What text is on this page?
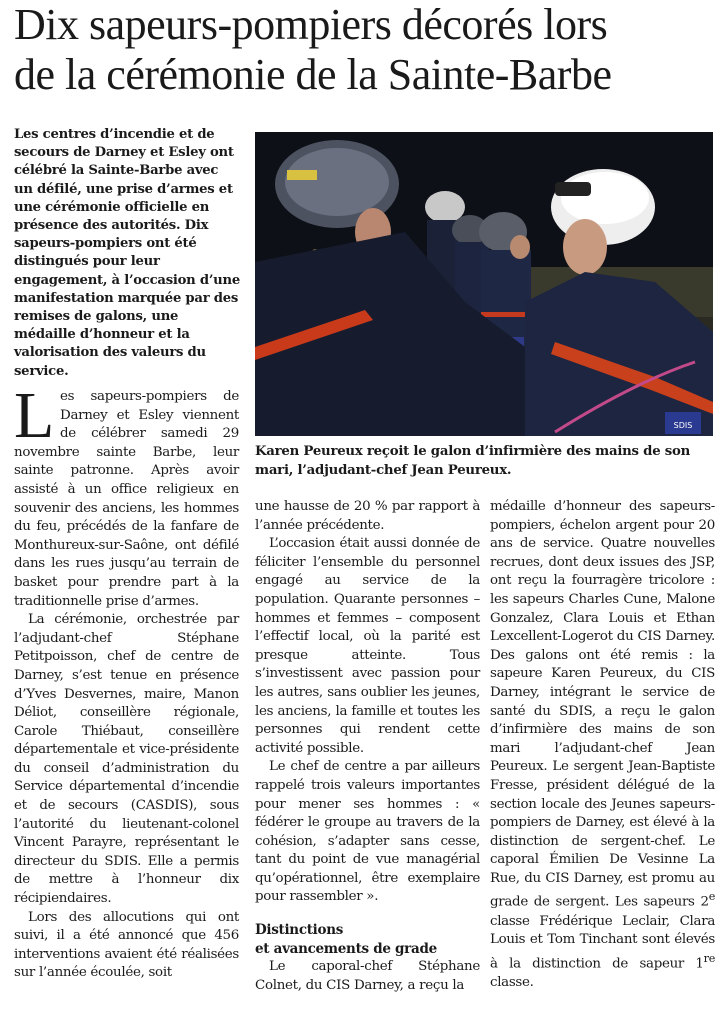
Dix sapeurs-pompiers décorés lors
de la cérémonie de la Sainte-Barbe
Les centres d’incendie et de secours de Darney et Esley ont célébré la Sainte-Barbe avec un défilé, une prise d’armes et une cérémonie officielle en présence des autorités. Dix sapeurs-pompiers ont été distingués pour leur engagement, à l’occasion d’une manifestation marquée par des remises de galons, une médaille d’honneur et la valorisation des valeurs du service.
SDIS
Karen Peureux reçoit le galon d’infirmière des mains de son mari, l’adjudant-chef Jean Peureux.

Les sapeurs-pompiers de Darney et Esley viennent de célébrer samedi 29 novembre sainte Barbe, leur sainte patronne. Après avoir assisté à un office religieux en souvenir des anciens, les hommes du feu, précédés de la fanfare de Monthureux-sur-Saône, ont défilé dans les rues jusqu’au terrain de basket pour prendre part à la traditionnelle prise d’armes.

La cérémonie, orchestrée par l’adjudant-chef Stéphane Petitpoisson, chef de centre de Darney, s’est tenue en présence d’Yves Desvernes, maire, Manon Déliot, conseillère régionale, Carole Thiébaut, conseillère départementale et vice-présidente du conseil d’administration du Service départemental d’incendie et de secours (CASDIS), sous l’autorité du lieutenant-colonel Vincent Parayre, représentant le directeur du SDIS. Elle a permis de mettre à l’honneur dix récipiendaires.

Lors des allocutions qui ont suivi, il a été annoncé que 456 interventions avaient été réalisées sur l’année écoulée, soit

une hausse de 20 % par rapport à l’année précédente.

L’occasion était aussi donnée de féliciter l’ensemble du personnel engagé au service de la population. Quarante personnes – hommes et femmes – composent l’effectif local, où la parité est presque atteinte. Tous s’investissent avec passion pour les autres, sans oublier les jeunes, les anciens, la famille et toutes les personnes qui rendent cette activité possible.

Le chef de centre a par ailleurs rappelé trois valeurs importantes pour mener ses hommes : « fédérer le groupe au travers de la cohésion, s’adapter sans cesse, tant du point de vue managérial qu’opérationnel, être exemplaire pour rassembler ».

Distinctions
et avancements de grade

Le caporal-chef Stéphane Colnet, du CIS Darney, a reçu la

médaille d’honneur des sapeurs-pompiers, échelon argent pour 20 ans de service. Quatre nouvelles recrues, dont deux issues des JSP, ont reçu la fourragère tricolore : les sapeurs Charles Cune, Malone Gonzalez, Clara Louis et Ethan Lexcellent-Logerot du CIS Darney. Des galons ont été remis : la sapeure Karen Peureux, du CIS Darney, intégrant le service de santé du SDIS, a reçu le galon d’infirmière des mains de son mari l’adjudant-chef Jean Peureux. Le sergent Jean-Baptiste Fresse, président délégué de la section locale des Jeunes sapeurs-pompiers de Darney, est élevé à la distinction de sergent-chef. Le caporal Émilien De Vesinne La Rue, du CIS Darney, est promu au grade de sergent. Les sapeurs 2e classe Frédérique Leclair, Clara Louis et Tom Tinchant sont élevés à la distinction de sapeur 1re classe.
